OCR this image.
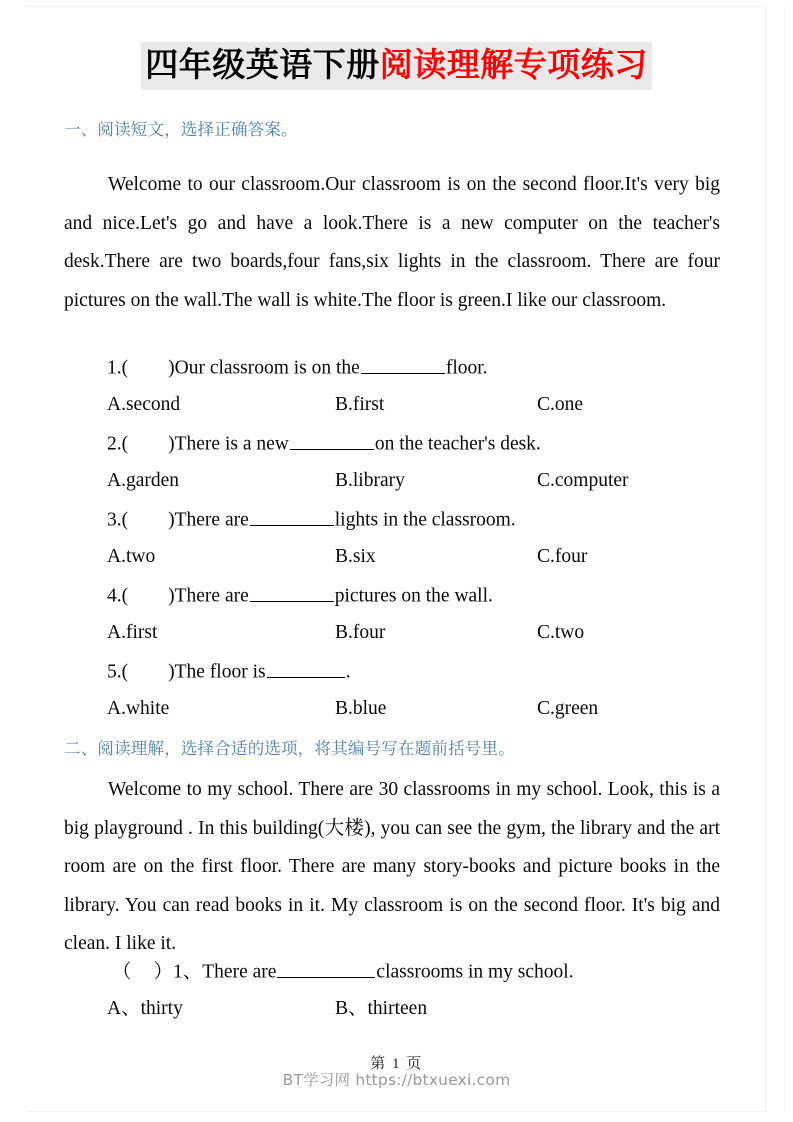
四年级英语下册阅读理解专项练习
一、阅读短文，选择正确答案。
Welcome to our classroom.Our classroom is on the second floor.It's very big and nice.Let's go and have a look.There is a new computer on the teacher's desk.There are two boards,four fans,six lights in the classroom. There are four pictures on the wall.The wall is white.The floor is green.I like our classroom.
1.( )Our classroom is on the	floor.
A.second	B.first	C.one
2.( )There is a new	on the teacher's desk.
A.garden	B.library	C.computer
3.( )There are	lights in the classroom.
A.two	B.six	C.four
4.( )There are	pictures on the wall.
A.first	B.four	C.two
5.( )The floor is	.
A.white	B.blue	C.green
二、阅读理解，选择合适的选项，将其编号写在题前括号里。
Welcome to my school. There are 30 classrooms in my school. Look, this is a big playground . In this building(大楼), you can see the gym, the library and the art room are on the first floor. There are many story-books and picture books in the library. You can read books in it. My classroom is on the second floor. It's big and clean. I like it.
（ ）1、There are	classrooms in my school.
A、thirty	B、thirteen
第 1 页
BT学习网 https://btxuexi.com
